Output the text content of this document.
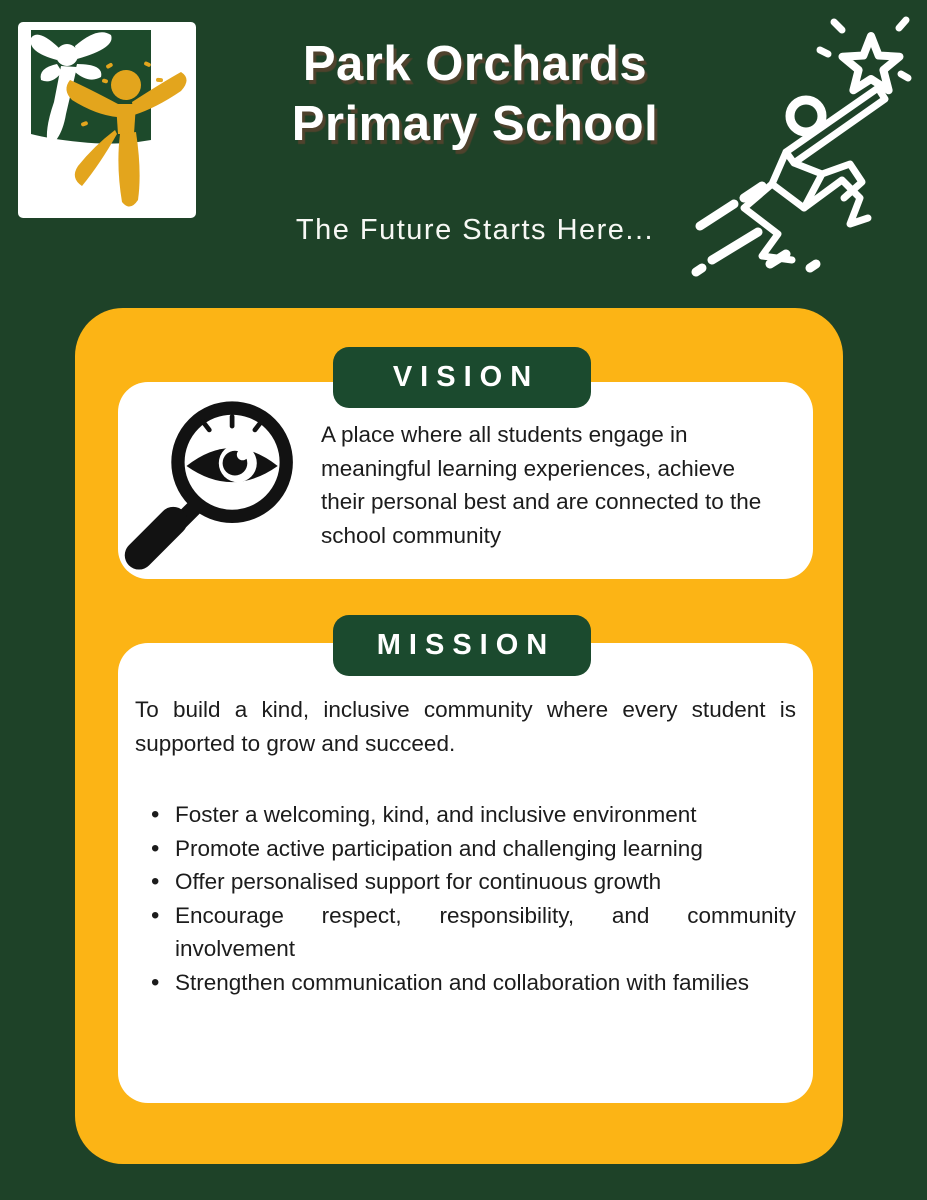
Park Orchards
Primary School
The Future Starts Here...
VISION
A place where all students engage in meaningful learning experiences, achieve their personal best and are connected to the school community
MISSION

To build a kind, inclusive community where every student is supported to grow and succeed.

• Foster a welcoming, kind, and inclusive environment
• Promote active participation and challenging learning
• Offer personalised support for continuous growth
• Encourage respect, responsibility, and community involvement
• Strengthen communication and collaboration with families
